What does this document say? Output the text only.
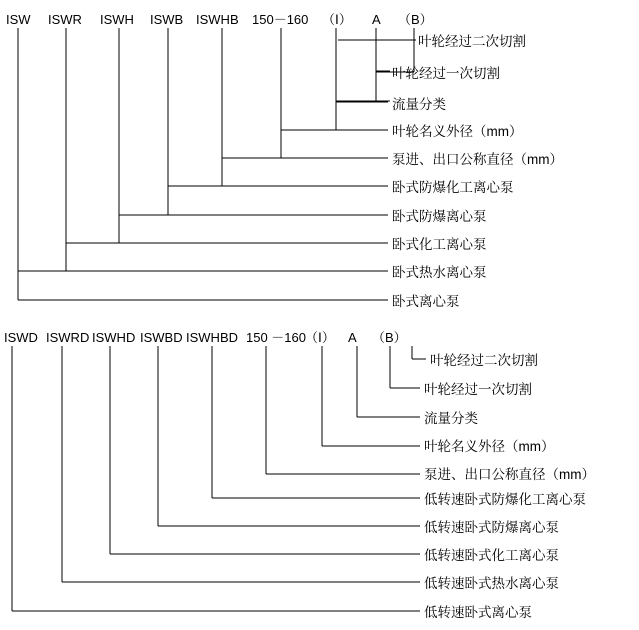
ISW ISWR ISWH ISWB ISWHB 150－160 （Ⅰ） A （B）
叶轮经过二次切割
叶轮经过一次切割
流量分类
叶轮名义外径（mm）
泵进、出口公称直径（mm）
卧式防爆化工离心泵
卧式防爆离心泵
卧式化工离心泵
卧式热水离心泵
卧式离心泵
ISWD ISWRD ISWHD ISWBD ISWHBD 150 －160 （Ⅰ） A （B）
叶轮经过二次切割
叶轮经过一次切割
流量分类
叶轮名义外径（mm）
泵进、出口公称直径（mm）
低转速卧式防爆化工离心泵
低转速卧式防爆离心泵
低转速卧式化工离心泵
低转速卧式热水离心泵
低转速卧式离心泵
